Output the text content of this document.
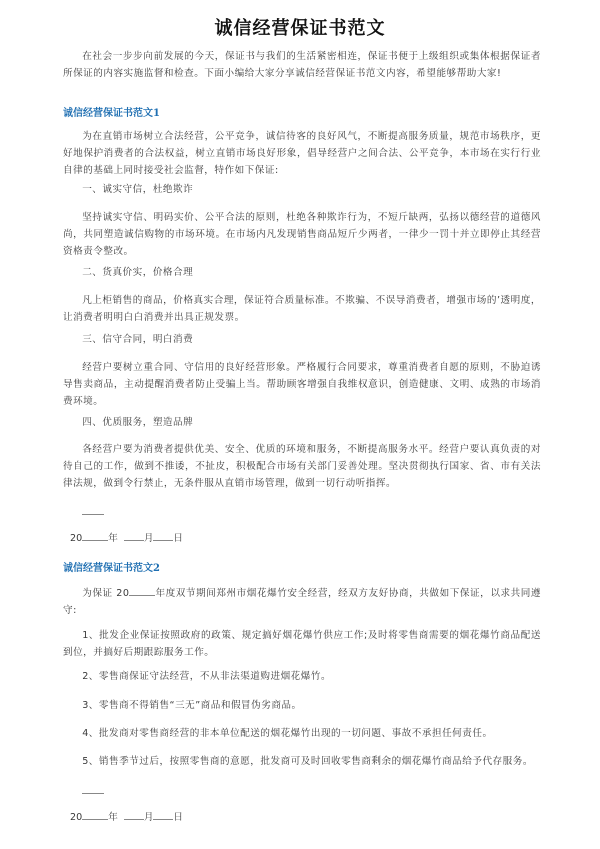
诚信经营保证书范文
在社会一步步向前发展的今天，保证书与我们的生活紧密相连，保证书便于上级组织或集体根据保证者所保证的内容实施监督和检查。下面小编给大家分享诚信经营保证书范文内容，希望能够帮助大家!
诚信经营保证书范文1
为在直销市场树立合法经营，公平竞争，诚信待客的良好风气，不断提高服务质量，规范市场秩序，更好地保护消费者的合法权益，树立直销市场良好形象，倡导经营户之间合法、公平竞争，本市场在实行行业自律的基础上同时接受社会监督，特作如下保证:
一、诚实守信，杜绝欺诈
坚持诚实守信、明码实价、公平合法的原则，杜绝各种欺诈行为，不短斤缺两，弘扬以德经营的道德风尚，共同塑造诚信购物的市场环境。在市场内凡发现销售商品短斤少两者，一律少一罚十并立即停止其经营资格责令整改。
二、货真价实，价格合理
凡上柜销售的商品，价格真实合理，保证符合质量标准。不欺骗、不误导消费者，增强市场的’透明度，让消费者明明白白消费并出具正规发票。
三、信守合同，明白消费
经营户要树立重合同、守信用的良好经营形象。严格履行合同要求，尊重消费者自愿的原则，不胁迫诱导售卖商品，主动提醒消费者防止受骗上当。帮助顾客增强自我维权意识，创造健康、文明、成熟的市场消费环境。
四、优质服务，塑造品牌
各经营户要为消费者提供优美、安全、优质的环境和服务，不断提高服务水平。经营户要认真负责的对待自己的工作，做到不推诿，不扯皮，积极配合市场有关部门妥善处理。坚决贯彻执行国家、省、市有关法律法规，做到令行禁止，无条件服从直销市场管理，做到一切行动听指挥。
20	年	月 日
诚信经营保证书范文2
为保证 20	年度双节期间郑州市烟花爆竹安全经营，经双方友好协商，共做如下保证，以求共同遵守:
1、批发企业保证按照政府的政策、规定搞好烟花爆竹供应工作;及时将零售商需要的烟花爆竹商品配送到位，并搞好后期跟踪服务工作。
2、零售商保证守法经营，不从非法渠道购进烟花爆竹。
3、零售商不得销售“三无”商品和假冒伪劣商品。
4、批发商对零售商经营的非本单位配送的烟花爆竹出现的一切问题、事故不承担任何责任。
5、销售季节过后，按照零售商的意愿，批发商可及时回收零售商剩余的烟花爆竹商品给予代存服务。
20	年	月 日
